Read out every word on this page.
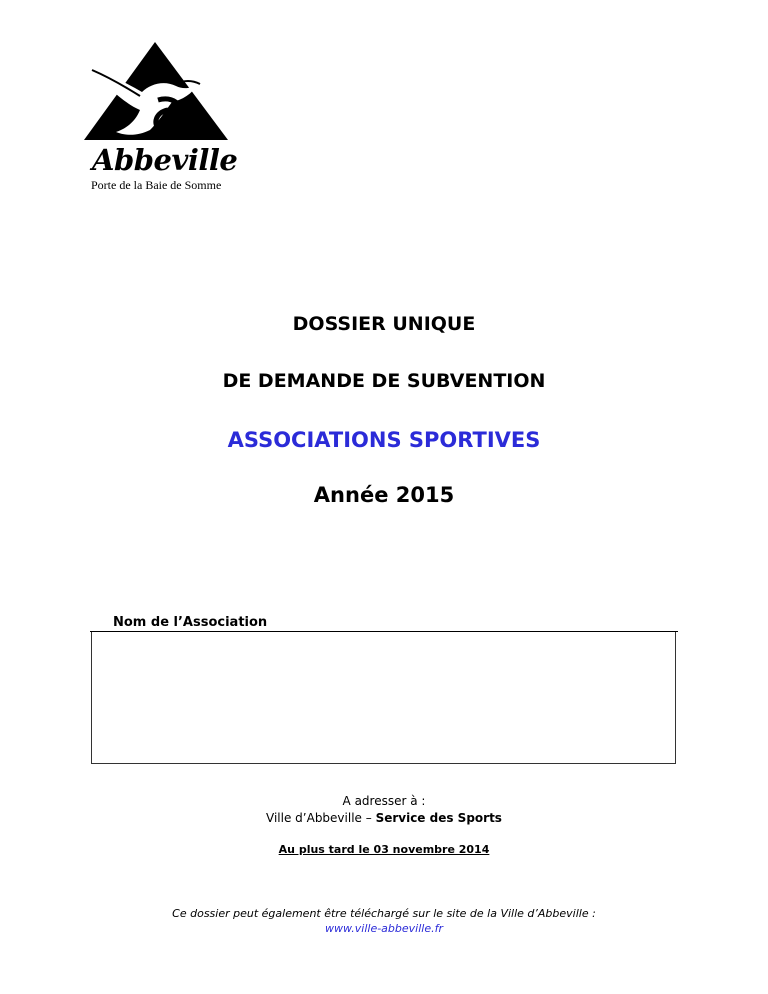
Abbeville
Porte de la Baie de Somme
DOSSIER UNIQUE
DE DEMANDE DE SUBVENTION
ASSOCIATIONS SPORTIVES
Année 2015
Nom de l’Association
A adresser à :
Ville d’Abbeville – Service des Sports
Au plus tard le 03 novembre 2014
Ce dossier peut également être téléchargé sur le site de la Ville d’Abbeville :
www.ville-abbeville.fr
